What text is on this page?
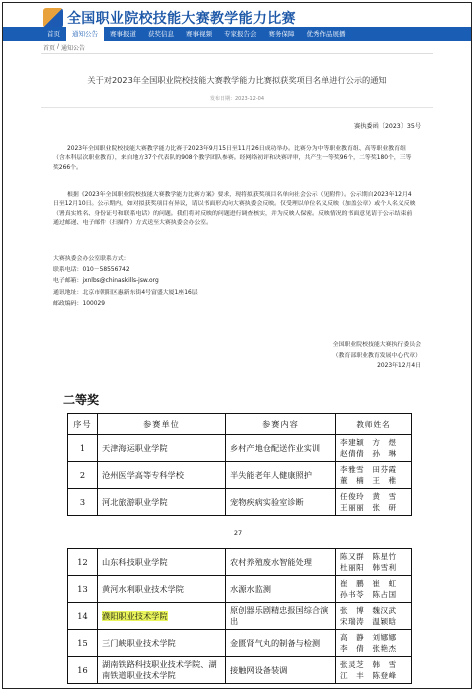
全国职业院校技能大赛教学能力比赛
首页	通知公告	赛事报道	获奖信息	赛事视频	专家报告会	赛务保障	优秀作品展播
首页 / 通知公告
关于对2023年全国职业院校技能大赛教学能力比赛拟获奖项目名单进行公示的通知
发布日期：2023-12-04
赛执委函〔2023〕35号
2023年全国职业院校技能大赛教学能力比赛于2023年9月15日至11月26日成功举办。比赛分为中等职业教育组、高等职业教育组（含本科层次职业教育），来自地方37个代表队的908个教学团队参赛。经网络初评和决赛评审，共产生一等奖96个，二等奖180个，三等奖266个。
根据《2023年全国职业院校技能大赛教学能力比赛方案》要求，现将拟获奖项目名单向社会公示（见附件）。公示期自2023年12月4日至12月10日。公示期内，如对拟获奖项目有异议，请以书面形式向大赛执委会反映。仅受理以单位名义反映（加盖公章）或个人名义反映（署真实姓名、身份证号和联系电话）的问题。我们将对反映的问题进行调查核实，并为反映人保密。反映情况的书面意见请于公示结束前通过邮递、电子邮件（扫描件）方式送至大赛执委会办公室。
大赛执委会办公室联系方式：
联系电话：010－58556742
电子邮箱：jxnlbs@chinaskills-jsw.org
通讯地址：北京市朝阳区惠新东街4号富盛大厦1座16层
邮政编码：100029
全国职业院校技能大赛执行委员会
（教育部职业教育发展中心代章）
2023年12月4日
二等奖
序号	参赛单位	参赛内容	教师姓名
1	天津海运职业学院	乡村产地仓配送作业实训	李建颖　方　煜 赵倩倩　孙　琳
2	沧州医学高等专科学校	半失能老年人健康照护	李雅雪　田芬霞 董　楠　王　稚
3	河北旅游职业学院	宠物疾病实验室诊断	任俊玲　黄　雪 王丽丽　张　研
27
12	山东科技职业学院	农村养殖废水智能处理	陈又群　陈星竹 杜丽阳　韩雪利
13	黄河水利职业技术学院	水源水监测	崔　鹏　崔　虹 孙书苓　陈占国
14	濮阳职业技术学院	原创器乐剧精忠报国综合演出	张　博　魏汉武 宋瑞涛　温颖晗
15	三门峡职业技术学院	金匮肾气丸的制备与检测	高　静　刘娜娜 李　倩　张艳杰
16	湖南铁路科技职业技术学院、湖南铁道职业技术学院	接触网设备装调	张灵芝　韩　雪 江　丰　陈登峰
